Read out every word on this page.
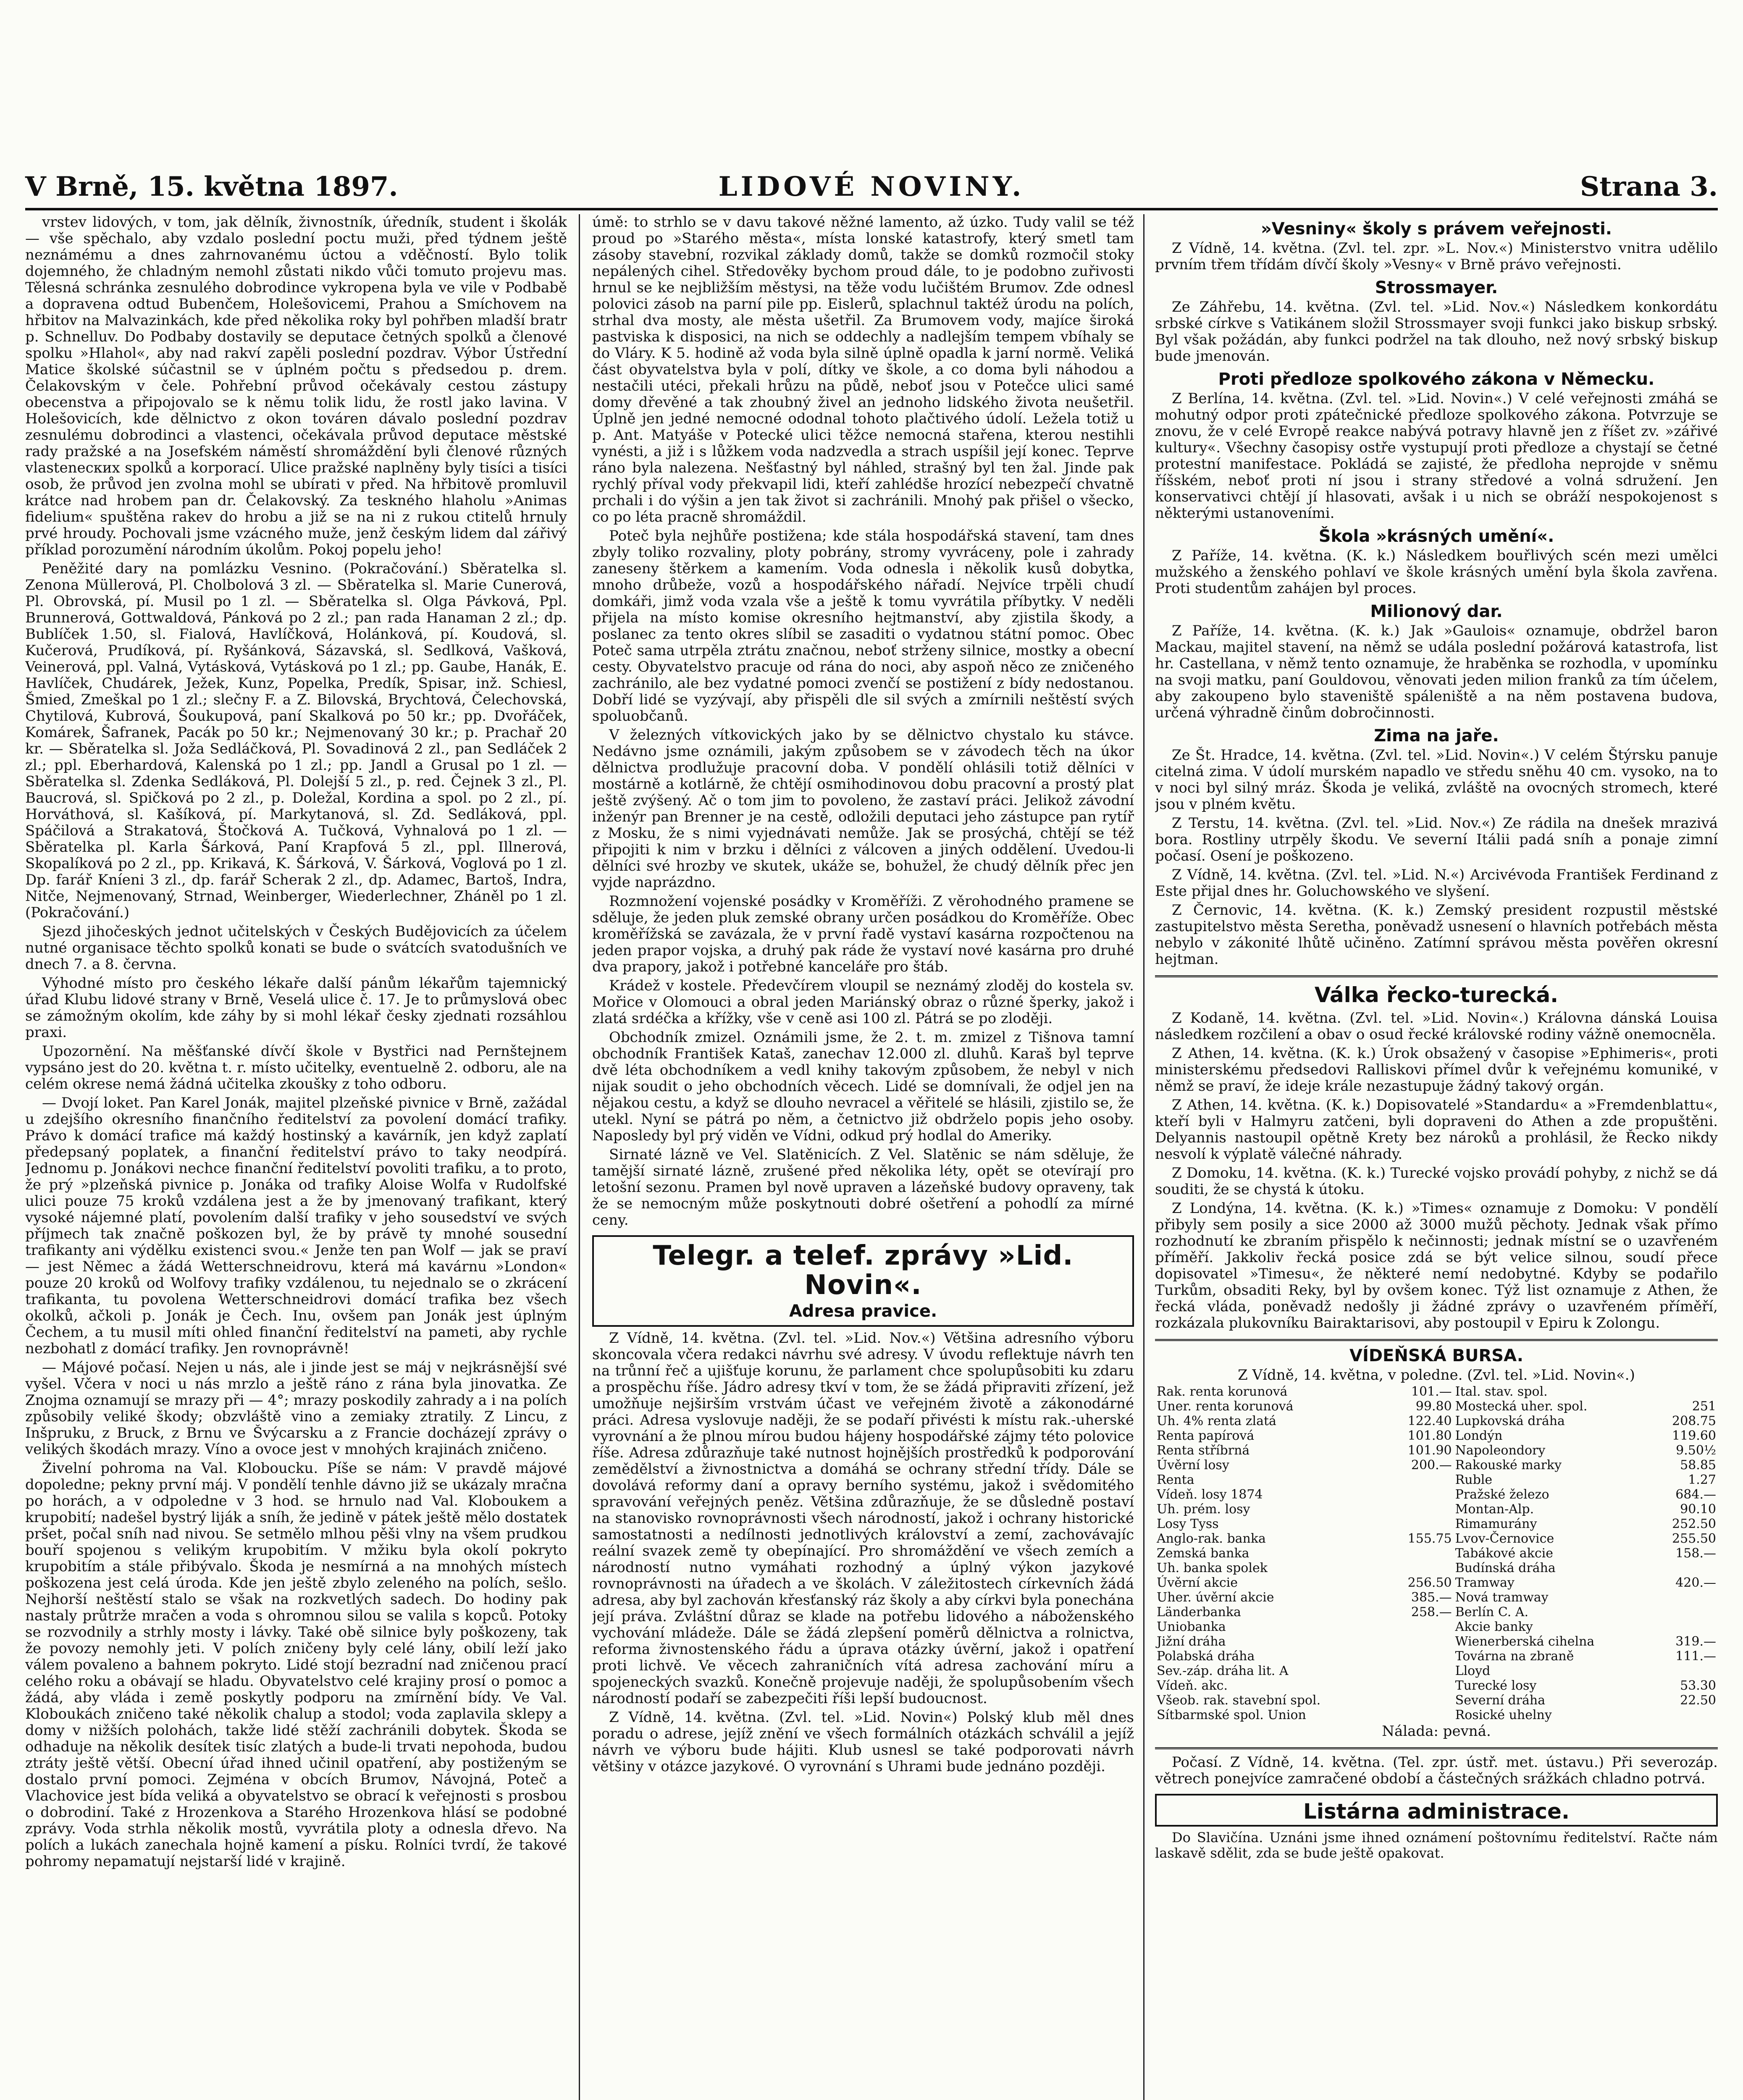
V Brně, 15. května 1897.	LIDOVÉ NOVINY.	Strana 3.

vrstev lidových, v tom, jak dělník, živnostník, úředník, student i školák — vše spěchalo, aby vzdalo poslední poctu muži, před týdnem ještě neznámému a dnes zahrnovanému úctou a vděčností. Bylo tolik dojemného, že chladným nemohl zůstati nikdo vůči tomuto projevu mas. Tělesná schránka zesnulého dobrodince vykropena byla ve vile v Podbabě a dopravena odtud Bubenčem, Holešovicemi, Prahou a Smíchovem na hřbitov na Malvazinkách, kde před několika roky byl pohřben mladší bratr p. Schnelluv. Do Podbaby dostavily se deputace četných spolků a členové spolku »Hlahol«, aby nad rakví zapěli poslední pozdrav. Výbor Ústřední Matice školské súčastnil se v úplném počtu s předsedou p. drem. Čelakovským v čele. Pohřební průvod očekávaly cestou zástupy obecenstva a připojovalo se k němu tolik lidu, že rostl jako lavina. V Holešovicích, kde dělnictvo z okon továren dávalo poslední pozdrav zesnulému dobrodinci a vlastenci, očekávala průvod deputace městské rady pražské a na Josefském náměstí shromáždění byli členové různých vlastenecких spolků a korporací. Ulice pražské naplněny byly tisíci a tisíci osob, že průvod jen zvolna mohl se ubírati v před. Na hřbitově promluvil krátce nad hrobem pan dr. Čelakovský. Za teskného hlaholu »Animas fidelium« spuštěna rakev do hrobu a již se na ni z rukou ctitelů hrnuly prvé hroudy. Pochovali jsme vzácného muže, jenž českým lidem dal zářivý příklad porozumění národním úkolům. Pokoj popelu jeho!

Peněžité dary na pomlázku Vesnino. (Pokračování.) Sběratelka sl. Zenona Müllerová, Pl. Cholbolová 3 zl. — Sběratelka sl. Marie Cunerová, Pl. Obrovská, pí. Musil po 1 zl. — Sběratelka sl. Olga Pávková, Ppl. Brunnerová, Gottwaldová, Pánková po 2 zl.; pan rada Hanaman 2 zl.; dp. Bublíček 1.50, sl. Fialová, Havlíčková, Holánková, pí. Koudová, sl. Kučerová, Prudíková, pí. Ryšánková, Sázavská, sl. Sedlková, Vašková, Veinerová, ppl. Valná, Vytásková, Vytásková po 1 zl.; pp. Gaube, Hanák, E. Havlíček, Chudárek, Ježek, Kunz, Popelka, Predík, Spisar, inž. Schiesl, Šmied, Zmeškal po 1 zl.; slečny F. a Z. Bilovská, Brychtová, Čelechovská, Chytilová, Kubrová, Šoukupová, paní Skalková po 50 kr.; pp. Dvořáček, Komárek, Šafranek, Pacák po 50 kr.; Nejmenovaný 30 kr.; p. Prachař 20 kr. — Sběratelka sl. Joža Sedláčková, Pl. Sovadinová 2 zl., pan Sedláček 2 zl.; ppl. Eberhardová, Kalenská po 1 zl.; pp. Jandl a Grusal po 1 zl. — Sběratelka sl. Zdenka Sedláková, Pl. Dolejší 5 zl., p. red. Čejnek 3 zl., Pl. Baucrová, sl. Spičková po 2 zl., p. Doležal, Kordina a spol. po 2 zl., pí. Horváthová, sl. Kašíková, pí. Markytanová, sl. Zd. Sedláková, ppl. Spáčilová a Strakatová, Štočková A. Tučková, Vyhnalová po 1 zl. — Sběratelka pl. Karla Šárková, Paní Krapfová 5 zl., ppl. Illnerová, Skopalíková po 2 zl., pp. Krikavá, K. Šárková, V. Šárková, Voglová po 1 zl. Dp. farář Kníeni 3 zl., dp. farář Scherak 2 zl., dp. Adamec, Bartoš, Indra, Nitče, Nejmenovaný, Strnad, Weinberger, Wiederlechner, Zháněl po 1 zl. (Pokračování.)

Sjezd jihočeských jednot učitelských v Českých Budějovicích za účelem nutné organisace těchto spolků konati se bude o svátcích svatodušních ve dnech 7. a 8. června.

Výhodné místo pro českého lékaře další pánům lékařům tajemnický úřad Klubu lidové strany v Brně, Veselá ulice č. 17. Je to průmyslová obec se zámožným okolím, kde záhy by si mohl lékař česky zjednati rozsáhlou praxi.

Upozornění. Na měšťanské dívčí škole v Bystřici nad Pernštejnem vypsáno jest do 20. května t. r. místo učitelky, eventuelně 2. odboru, ale na celém okrese nemá žádná učitelka zkoušky z toho odboru.

— Dvojí loket. Pan Karel Jonák, majitel plzeňské pivnice v Brně, zažádal u zdejšího okresního finančního ředitelství za povolení domácí trafiky. Právo k domácí trafice má každý hostinský a kavárník, jen když zaplatí předepsaný poplatek, a finanční ředitelství právo to taky neodpírá. Jednomu p. Jonákovi nechce finanční ředitelství povoliti trafiku, a to proto, že prý »plzeňská pivnice p. Jonáka od trafiky Aloise Wolfa v Rudolfské ulici pouze 75 kroků vzdálena jest a že by jmenovaný trafikant, který vysoké nájemné platí, povolením další trafiky v jeho sousedství ve svých příjmech tak značně poškozen byl, že by právě ty mnohé sousední trafikanty ani výdělku existenci svou.« Jenže ten pan Wolf — jak se praví — jest Němec a žádá Wetterschneidrovu, která má kavárnu »London« pouze 20 kroků od Wolfovy trafiky vzdálenou, tu nejednalo se o zkrácení trafikanta, tu povolena Wetterschneidrovi domácí trafika bez všech okolků, ačkoli p. Jonák je Čech. Inu, ovšem pan Jonák jest úplným Čechem, a tu musil míti ohled finanční ředitelství na pameti, aby rychle nezbohatl z domácí trafiky. Jen rovnoprávně!

— Májové počasí. Nejen u nás, ale i jinde jest se máj v nejkrásnější své vyšel. Včera v noci u nás mrzlo a ještě ráno z rána byla jinovatka. Ze Znojma oznamují se mrazy při — 4°; mrazy poskodily zahrady a i na polích způsobily veliké škody; obzvláště vino a zemiaky ztratily. Z Lincu, z Inšpruku, z Bruck, z Brnu ve Švýcarsku a z Francie docházejí zprávy o velikých škodách mrazy. Víno a ovoce jest v mnohých krajinách zničeno.

Živelní pohroma na Val. Kloboucku. Píše se nám: V pravdě májové dopoledne; pekny první máj. V pondělí tenhle dávno již se ukázaly mračna po horách, a v odpoledne v 3 hod. se hrnulo nad Val. Kloboukem a krupobití; nadešel bystrý liják a sníh, že jedině v pátek ještě mělo dostatek pršet, počal sníh nad nivou. Se setmělo mlhou pěši vlny na všem prudkou bouří spojenou s velikým krupobitím. V mžiku byla okolí pokryto krupobitím a stále přibývalo. Škoda je nesmírná a na mnohých místech poškozena jest celá úroda. Kde jen ještě zbylo zeleného na polích, sešlo. Nejhorší neštěstí stalo se však na rozkvetlých sadech. Do hodiny pak nastaly průtrže mračen a voda s ohromnou silou se valila s kopců. Potoky se rozvodnily a strhly mosty i lávky. Také obě silnice byly poškozeny, tak že povozy nemohly jeti. V polích zničeny byly celé lány, obilí leží jako válem povaleno a bahnem pokryto. Lidé stojí bezradní nad zničenou prací celého roku a obávají se hladu. Obyvatelstvo celé krajiny prosí o pomoc a žádá, aby vláda i země poskytly podporu na zmírnění bídy. Ve Val. Kloboukách zničeno také několik chalup a stodol; voda zaplavila sklepy a domy v nižších polohách, takže lidé stěží zachránili dobytek. Škoda se odhaduje na několik desítek tisíc zlatých a bude-li trvati nepohoda, budou ztráty ještě větší. Obecní úřad ihned učinil opatření, aby postiženým se dostalo první pomoci. Zejména v obcích Brumov, Návojná, Poteč a Vlachovice jest bída veliká a obyvatelstvo se obrací k veřejnosti s prosbou o dobrodiní. Také z Hrozenkova a Starého Hrozenkova hlásí se podobné zprávy. Voda strhla několik mostů, vyvrátila ploty a odnesla dřevo. Na polích a lukách zanechala hojně kamení a písku. Rolníci tvrdí, že takové pohromy nepamatují nejstarší lidé v krajině.

úmě: to strhlo se v davu takové něžné lamento, až úzko. Tudy valil se též proud po »Starého města«, místa lonské katastrofy, který smetl tam zásoby stavební, rozvikal základy domů, takže se domků rozmočil stoky nepálených cihel. Středověky bychom proud dále, to je podobno zuřivosti hrnul se ke nejbližším městysi, na těže vodu lučištém Brumov. Zde odnesl polovici zásob na parní pile pp. Eislerů, splachnul taktéž úrodu na polích, strhal dva mosty, ale města ušetřil. Za Brumovem vody, majíce široká pastviska k disposici, na nich se oddechly a nadlejším tempem vbíhaly se do Vláry. K 5. hodině až voda byla silně úplně opadla k jarní normě. Veliká část obyvatelstva byla v polí, dítky ve škole, a co doma byli náhodou a nestačili utéci, překali hrůzu na půdě, neboť jsou v Potečce ulici samé domy dřevěné a tak zhoubný živel an jednoho lidského života neušetřil. Úplně jen jedné nemocné ododnal tohoto plačtivého údolí. Ležela totiž u p. Ant. Matyáše v Potecké ulici těžce nemocná stařena, kterou nestihli vynésti, a již i s lůžkem voda nadzvedla a strach uspíšil její konec. Teprve ráno byla nalezena. Nešťastný byl náhled, strašný byl ten žal. Jinde pak rychlý příval vody překvapil lidi, kteří zahlédše hrozící nebezpečí chvatně prchali i do výšin a jen tak život si zachránili. Mnohý pak přišel o všecko, co po léta pracně shromáždil.

Poteč byla nejhůře postižena; kde stála hospodářská stavení, tam dnes zbyly toliko rozvaliny, ploty pobrány, stromy vyvráceny, pole i zahrady zaneseny štěrkem a kamením. Voda odnesla i několik kusů dobytka, mnoho drůbeže, vozů a hospodářského nářadí. Nejvíce trpěli chudí domkáři, jimž voda vzala vše a ještě k tomu vyvrátila příbytky. V neděli přijela na místo komise okresního hejtmanství, aby zjistila škody, a poslanec za tento okres slíbil se zasaditi o vydatnou státní pomoc. Obec Poteč sama utrpěla ztrátu značnou, neboť strženy silnice, mostky a obecní cesty. Obyvatelstvo pracuje od rána do noci, aby aspoň něco ze zničeného zachránilo, ale bez vydatné pomoci zvenčí se postižení z bídy nedostanou. Dobří lidé se vyzývají, aby přispěli dle sil svých a zmírnili neštěstí svých spoluobčanů.

V železných vítkovických jako by se dělnictvo chystalo ku stávce. Nedávno jsme oznámili, jakým způsobem se v závodech těch na úkor dělnictva prodlužuje pracovní doba. V pondělí ohlásili totiž dělníci v mostárně a kotlárně, že chtějí osmihodinovou dobu pracovní a prostý plat ještě zvýšený. Ač o tom jim to povoleno, že zastaví práci. Jelikož závodní inženýr pan Brenner je na cestě, odložili deputaci jeho zástupce pan rytíř z Mosku, že s nimi vyjednávati nemůže. Jak se prosýchá, chtějí se též připojiti k nim v brzku i dělníci z válcoven a jiných oddělení. Uvedou-li dělníci své hrozby ve skutek, ukáže se, bohužel, že chudý dělník přec jen vyjde naprázdno.

Rozmnožení vojenské posádky v Kroměříži. Z věrohodného pramene se sděluje, že jeden pluk zemské obrany určen posádkou do Kroměříže. Obec kroměřížská se zavázala, že v první řadě vystaví kasárna rozpočtenou na jeden prapor vojska, a druhý pak ráde že vystaví nové kasárna pro druhé dva prapory, jakož i potřebné kanceláře pro štáb.

Krádež v kostele. Předevčírem vloupil se neznámý zloděj do kostela sv. Mořice v Olomouci a obral jeden Mariánský obraz o různé šperky, jakož i zlatá srdéčka a křížky, vše v ceně asi 100 zl. Pátrá se po zloději.

Obchodník zmizel. Oznámili jsme, že 2. t. m. zmizel z Tišnova tamní obchodník František Kataš, zanechav 12.000 zl. dluhů. Karaš byl teprve dvě léta obchodníkem a vedl knihy takovým způsobem, že nebyl v nich nijak soudit o jeho obchodních věcech. Lidé se domnívali, že odjel jen na nějakou cestu, a když se dlouho nevracel a věřitelé se hlásili, zjistilo se, že utekl. Nyní se pátrá po něm, a četnictvo již obdrželo popis jeho osoby. Naposledy byl prý viděn ve Vídni, odkud prý hodlal do Ameriky.

Sirnaté lázně ve Vel. Slatěnicích. Z Vel. Slatěnic se nám sděluje, že tamější sirnaté lázně, zrušené před několika léty, opět se otevírají pro letošní sezonu. Pramen byl nově upraven a lázeňské budovy opraveny, tak že se nemocným může poskytnouti dobré ošetření a pohodlí za mírné ceny.

Telegr. a telef. zprávy »Lid. Novin«.
Adresa pravice.

Z Vídně, 14. května. (Zvl. tel. »Lid. Nov.«) Většina adresního výboru skoncovala včera redakci návrhu své adresy. V úvodu reflektuje návrh ten na trůnní řeč a ujišťuje korunu, že parlament chce spolupůsobiti ku zdaru a prospěchu říše. Jádro adresy tkví v tom, že se žádá připraviti zřízení, jež umožňuje nejširším vrstvám účast ve veřejném životě a zákonodárné práci. Adresa vyslovuje naději, že se podaří přivésti k místu rak.-uherské vyrovnání a že plnou mírou budou hájeny hospodářské zájmy této polovice říše. Adresa zdůrazňuje také nutnost hojnějších prostředků k podporování zemědělství a živnostnictva a domáhá se ochrany střední třídy. Dále se dovolává reformy daní a opravy berního systému, jakož i svědomitého spravování veřejných peněz. Většina zdůrazňuje, že se důsledně postaví na stanovisko rovnoprávnosti všech národností, jakož i ochrany historické samostatnosti a nedílnosti jednotlivých království a zemí, zachovávajíc reální svazek země ty obepínající. Pro shromáždění ve všech zemích a národností nutno vymáhati rozhodný a úplný výkon jazykové rovnoprávnosti na úřadech a ve školách. V záležitostech církevních žádá adresa, aby byl zachován křesťanský ráz školy a aby církvi byla ponechána její práva. Zvláštní důraz se klade na potřebu lidového a náboženského vychování mládeže. Dále se žádá zlepšení poměrů dělnictva a rolnictva, reforma živnostenského řádu a úprava otázky úvěrní, jakož i opatření proti lichvě. Ve věcech zahraničních vítá adresa zachování míru a spojeneckých svazků. Konečně projevuje naději, že spolupůsobením všech národností podaří se zabezpečiti říši lepší budoucnost.

Z Vídně, 14. května. (Zvl. tel. »Lid. Novin«) Polský klub měl dnes poradu o adrese, jejíž znění ve všech formálních otázkách schválil a jejíž návrh ve výboru bude hájiti. Klub usnesl se také podporovati návrh většiny v otázce jazykové. O vyrovnání s Uhrami bude jednáno později.

»Vesniny« školy s právem veřejnosti.

Z Vídně, 14. května. (Zvl. tel. zpr. »L. Nov.«) Ministerstvo vnitra udělilo prvním třem třídám dívčí školy »Vesny« v Brně právo veřejnosti.

Strossmayer.

Ze Záhřebu, 14. května. (Zvl. tel. »Lid. Nov.«) Následkem konkordátu srbské církve s Vatikánem složil Strossmayer svoji funkci jako biskup srbský. Byl však požádán, aby funkci podržel na tak dlouho, než nový srbský biskup bude jmenován.

Proti předloze spolkového zákona v Německu.

Z Berlína, 14. května. (Zvl. tel. »Lid. Novin«.) V celé veřejnosti zmáhá se mohutný odpor proti zpátečnické předloze spolkového zákona. Potvrzuje se znovu, že v celé Evropě reakce nabývá potravy hlavně jen z říšet zv. »zářivé kultury«. Všechny časopisy ostře vystupují proti předloze a chystají se četné protestní manifestace. Pokládá se zajisté, že předloha neprojde v sněmu říšském, neboť proti ní jsou i strany středové a volná sdružení. Jen konservativci chtějí jí hlasovati, avšak i u nich se obráží nespokojenost s některými ustanoveními.

Škola »krásných umění«.

Z Paříže, 14. května. (K. k.) Následkem bouřlivých scén mezi umělci mužského a ženského pohlaví ve škole krásných umění byla škola zavřena. Proti studentům zahájen byl proces.

Milionový dar.

Z Paříže, 14. května. (K. k.) Jak »Gaulois« oznamuje, obdržel baron Mackau, majitel stavení, na němž se udála poslední požárová katastrofa, list hr. Castellana, v němž tento oznamuje, že hraběnka se rozhodla, v upomínku na svoji matku, paní Gouldovou, věnovati jeden milion franků za tím účelem, aby zakoupeno bylo staveniště spáleniště a na něm postavena budova, určená výhradně činům dobročinnosti.

Zima na jaře.

Ze Št. Hradce, 14. května. (Zvl. tel. »Lid. Novin«.) V celém Štýrsku panuje citelná zima. V údolí murském napadlo ve středu sněhu 40 cm. vysoko, na to v noci byl silný mráz. Škoda je veliká, zvláště na ovocných stromech, které jsou v plném květu.

Z Terstu, 14. května. (Zvl. tel. »Lid. Nov.«) Ze rádila na dnešek mrazivá bora. Rostliny utrpěly škodu. Ve severní Itálii padá sníh a ponaje zimní počasí. Osení je poškozeno.

Z Vídně, 14. května. (Zvl. tel. »Lid. N.«) Arcivévoda František Ferdinand z Este přijal dnes hr. Goluchowského ve slyšení.

Z Černovic, 14. května. (K. k.) Zemský president rozpustil městské zastupitelstvo města Seretha, poněvadž usnesení o hlavních potřebách města nebylo v zákonité lhůtě učiněno. Zatímní správou města pověřen okresní hejtman.

Válka řecko-turecká.

Z Kodaně, 14. května. (Zvl. tel. »Lid. Novin«.) Královna dánská Louisa následkem rozčilení a obav o osud řecké královské rodiny vážně onemocněla.

Z Athen, 14. května. (K. k.) Úrok obsažený v časopise »Ephimeris«, proti ministerskému předsedovi Ralliskovi přímel dvůr k veřejnému komuniké, v němž se praví, že ideje krále nezastupuje žádný takový orgán.

Z Athen, 14. května. (K. k.) Dopisovatelé »Standardu« a »Fremdenblattu«, kteří byli v Halmyru zatčeni, byli dopraveni do Athen a zde propuštěni. Delyannis nastoupil opětně Krety bez nároků a prohlásil, že Řecko nikdy nesvolí k výplatě válečné náhrady.

Z Domoku, 14. května. (K. k.) Turecké vojsko provádí pohyby, z nichž se dá souditi, že se chystá k útoku.

Z Londýna, 14. května. (K. k.) »Times« oznamuje z Domoku: V pondělí přibyly sem posily a sice 2000 až 3000 mužů pěchoty. Jednak však přímo rozhodnutí ke zbraním přispělo k nečinnosti; jednak místní se o uzavřeném příměří. Jakkoliv řecká posice zdá se být velice silnou, soudí přece dopisovatel »Timesu«, že některé nemí nedobytné. Kdyby se podařilo Turkům, obsaditi Reky, byl by ovšem konec. Týž list oznamuje z Athen, že řecká vláda, poněvadž nedošly ji žádné zprávy o uzavřeném příměří, rozkázala plukovníku Bairaktarisovi, aby postoupil v Epiru k Zolongu.

VÍDEŇSKÁ BURSA.

Z Vídně, 14. května, v poledne. (Zvl. tel. »Lid. Novin«.)

Rak. renta korunová	101.—	Ital. stav. spol.	
Uner. renta korunová	99.80	Mostecká uher. spol.	251
Uh. 4% renta zlatá	122.40	Lupkovská dráha	208.75
Renta papírová	101.80	Londýn	119.60
Renta stříbrná	101.90	Napoleondory	9.50½
Úvěrní losy	200.—	Rakouské marky	58.85
Renta		Ruble	1.27
Vídeň. losy 1874		Pražské železo	684.—
Uh. prém. losy		Montan-Alp.	90.10
Losy Tyss		Rimamurány	252.50
Anglo-rak. banka	155.75	Lvov-Černovice	255.50
Zemská banka		Tabákové akcie	158.—
Uh. banka spolek		Budínská dráha	
Úvěrní akcie	256.50	Tramway	420.—
Uher. úvěrní akcie	385.—	Nová tramway	
Länderbanka	258.—	Berlín C. A.	
Uniobanka		Akcie banky	
Jižní dráha		Wienerberská cihelna	319.—
Polabská dráha		Továrna na zbraně	111.—
Sev.-záp. dráha lit. A		Lloyd	
Vídeň. akc.		Turecké losy	53.30
Všeob. rak. stavební spol.		Severní dráha	22.50
Sítbarmské spol. Union		Rosické uhelny	

Nálada: pevná.

Počasí. Z Vídně, 14. května. (Tel. zpr. ústř. met. ústavu.) Při severozáp. větrech ponejvíce zamračené období a částečných srážkách chladno potrvá.

Listárna administrace.

Do Slavičína. Uznáni jsme ihned oznámení poštovnímu ředitelství. Račte nám laskavě sdělit, zda se bude ještě opakovat.
